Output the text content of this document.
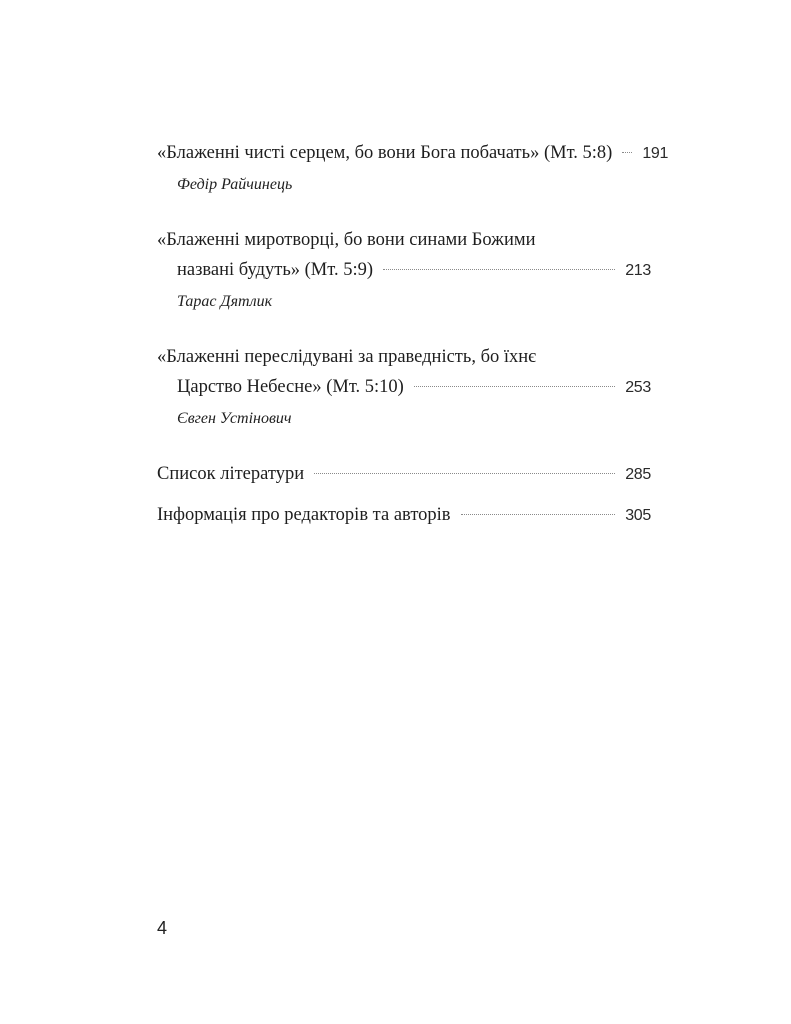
«Блаженні чисті серцем, бо вони Бога побачать» (Мт. 5:8) 191
Федір Райчинець
«Блаженні миротворці, бо вони синами Божими
названі будуть» (Мт. 5:9)	213
Тарас Дятлик
«Блаженні переслідувані за праведність, бо їхнє
Царство Небесне» (Мт. 5:10)	253
Євген Устінович
Список літератури	285
Інформація про редакторів та авторів	305
4
